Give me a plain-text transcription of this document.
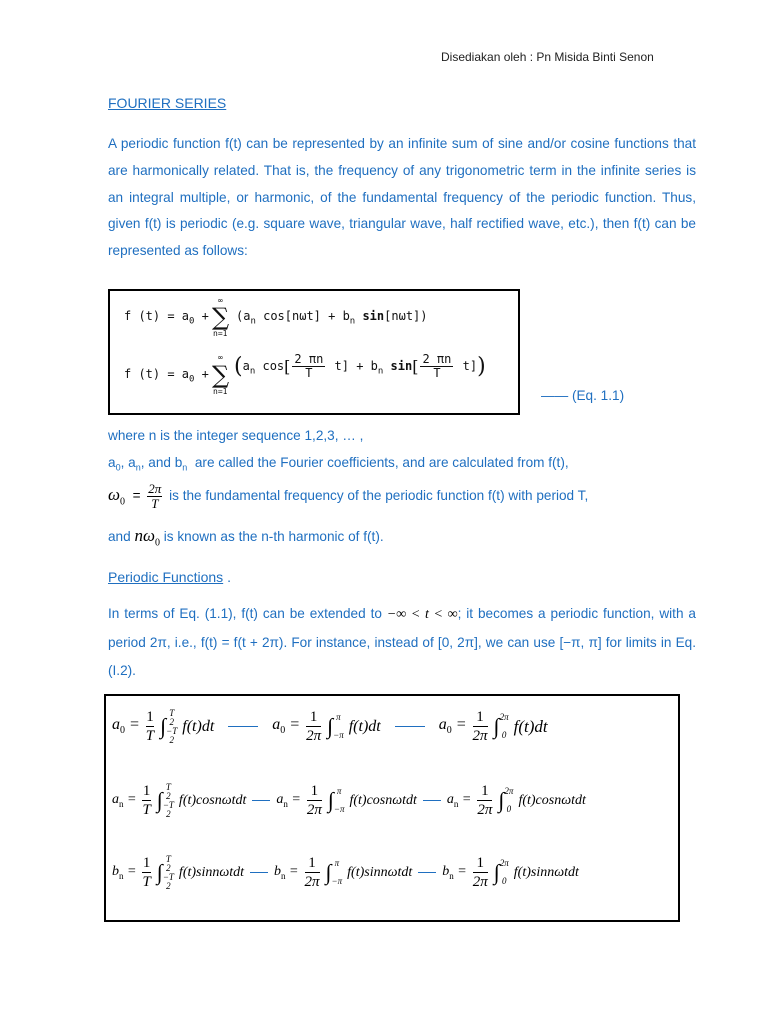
Disediakan oleh : Pn Misida Binti Senon
FOURIER SERIES

A periodic function f(t) can be represented by an infinite sum of sine and/or cosine functions that are harmonically related. That is, the frequency of any trigonometric term in the infinite series is an integral multiple, or harmonic, of the fundamental frequency of the periodic function. Thus, given f(t) is periodic (e.g. square wave, triangular wave, half rectified wave, etc.), then f(t) can be represented as follows:

f $(t) = a_0$ + ∑
∞
n=1
($a_n$ $\cos[n\omega t] + b_n$ sin[nωt])
f $(t) = a_0$ + ∑
∞
n=1
($a_n$ $\cos[ \frac{2 \pi n}{T} t] + b_n$ $\sin[ \frac{2 \pi n}{T} t]$)
—— (Eq. 1.1)
where n is the integer sequence 1,2,3, … ,
$a_0$, $a_n$, and $b_n$ are called the Fourier coefficients, and are calculated from f(t),
$\omega_0 = \frac{2\pi}{T}$ is the fundamental frequency of the periodic function f(t) with period T,
and $n\omega_0$ is known as the n-th harmonic of f(t).
Periodic Functions .

In terms of Eq. (1.1), f(t) can be extended to −∞ < t < ∞; it becomes a periodic function, with a period 2π, i.e., f(t) = f(t + 2π). For instance, instead of [0, 2π], we can use [−π, π] for limits in Eq. (I.2).

$a_0 = \frac{1}{T} \int T$
2
−T
2 f(t)dt	$a_0 = \frac{1}{2\pi}$ ∫ π

−π f(t)dt	$a_0 = \frac{1}{2\pi} \int 2\pi$

0 f(t)dt
$a_n = \frac{1}{T} \int T$
2
−T
2 f(t)cosnωtdt $a_n = \frac{1}{2\pi}$ ∫ π

−π f(t)cosnωtdt $a_n = \frac{1}{2\pi} \int 2\pi$

0 f(t)cosnωtdt
$b_n = \frac{1}{T} \int T$
2
−T
2 f(t)sinnωtdt $b_n = \frac{1}{2\pi}$ ∫ π

−π f(t)sinnωtdt $b_n = \frac{1}{2\pi} \int 2\pi$

0 f(t)sinnωtdt
